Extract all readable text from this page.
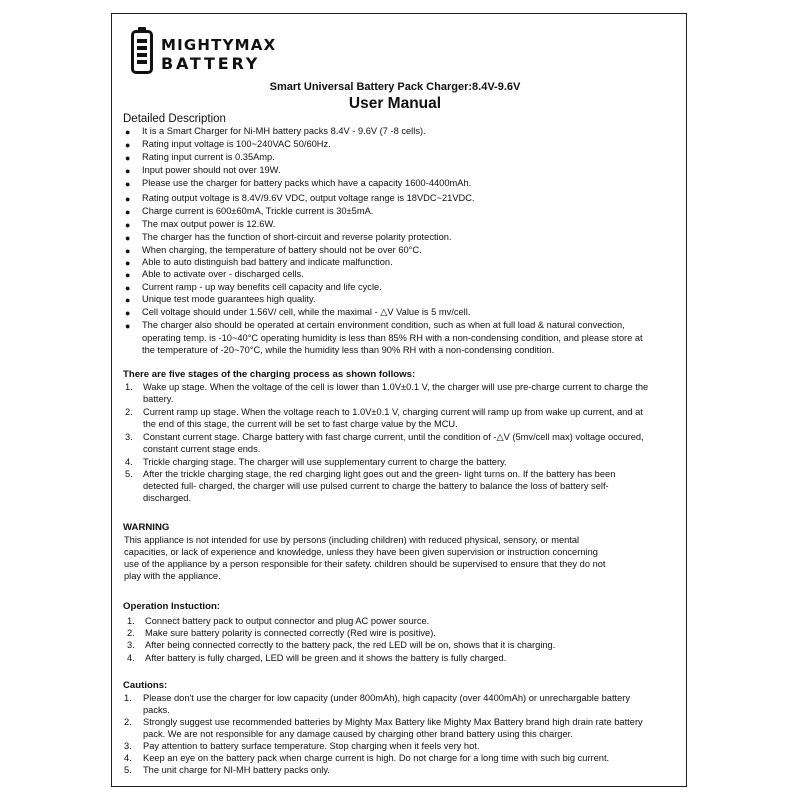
MIGHTYMAX
BATTERY
Smart Universal Battery Pack Charger:8.4V-9.6V
User Manual
Detailed Description
There are five stages of the charging process as shown follows:
WARNING
Operation Instuction:
Cautions:
● It is a Smart Charger for Ni-MH battery packs 8.4V - 9.6V (7 -8 cells).
● Rating input voltage is 100~240VAC 50/60Hz.
● Rating input current is 0.35Amp.
● Input power should not over 19W.
● Please use the charger for battery packs which have a capacity 1600-4400mAh.
● Rating output voltage is 8.4V/9.6V VDC, output voltage range is 18VDC~21VDC.
● Charge current is 600±60mA, Trickle current is 30±5mA.
● The max output power is 12.6W.
● The charger has the function of short-circuit and reverse polarity protection.
● When charging, the temperature of battery should not be over 60°C.
● Able to auto distinguish bad battery and indicate malfunction.
● Able to activate over - discharged cells.
● Current ramp - up way benefits cell capacity and life cycle.
● Unique test mode guarantees high quality.
● Cell voltage should under 1.56V/ cell, while the maximal - △V Value is 5 mv/cell.
● The charger also should be operated at certain environment condition, such as when at full load & natural convection,
operating temp. is -10~40°C operating humidity is less than 85% RH with a non-condensing condition, and please store at
the temperature of -20~70°C, while the humidity less than 90% RH with a non-condensing condition.
1. Wake up stage. When the voltage of the cell is lower than 1.0V±0.1 V, the charger will use pre-charge current to charge the
battery.
2. Current ramp up stage. When the voltage reach to 1.0V±0.1 V, charging current will ramp up from wake up current, and at
the end of this stage, the current will be set to fast charge value by the MCU.
3. Constant current stage. Charge battery with fast charge current, until the condition of -△V (5mv/cell max) voltage occured,
constant current stage ends.
4. Trickle charging stage. The charger will use supplementary current to charge the battery.
5. After the trickle charging stage, the red charging light goes out and the green- light turns on. If the battery has been
detected full- charged, the charger will use pulsed current to charge the battery to balance the loss of battery self-
discharged.
This appliance is not intended for use by persons (including children) with reduced physical, sensory, or mental
capacities, or lack of experience and knowledge, unless they have been given supervision or instruction concerning
use of the appliance by a person responsible for their safety. children should be supervised to ensure that they do not
play with the appliance.
1. Connect battery pack to output connector and plug AC power source.
2. Make sure battery polarity is connected correctly (Red wire is positive).
3. After being connected correctly to the battery pack, the red LED will be on, shows that it is charging.
4. After battery is fully charged, LED will be green and it shows the battery is fully charged.
1. Please don't use the charger for low capacity (under 800mAh), high capacity (over 4400mAh) or unrechargable battery
packs.
2. Strongly suggest use recommended batteries by Mighty Max Battery like Mighty Max Battery brand high drain rate battery
pack. We are not responsible for any damage caused by charging other brand battery using this charger.
3. Pay attention to battery surface temperature. Stop charging when it feels very hot.
4. Keep an eye on the battery pack when charge current is high. Do not charge for a long time with such big current.
5. The unit charge for NI-MH battery packs only.
